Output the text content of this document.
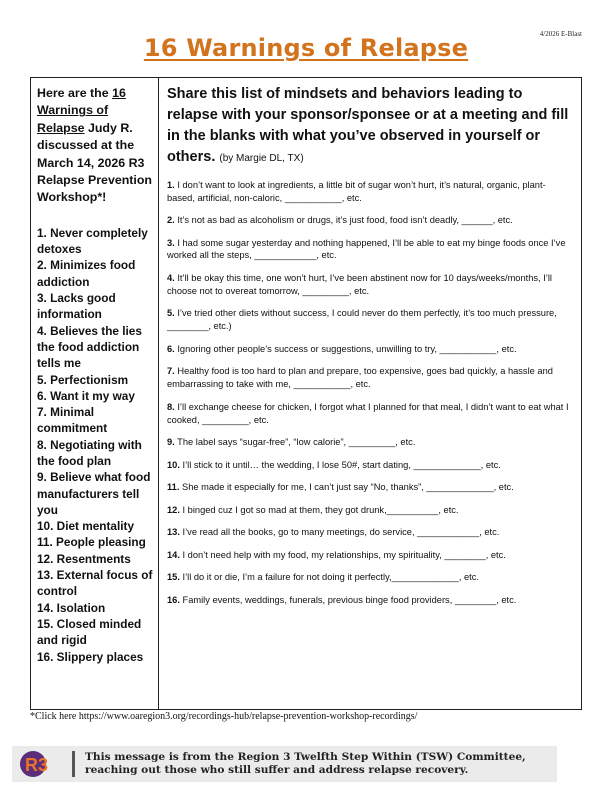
4/2026 E-Blast
16 Warnings of Relapse
Here are the 16 Warnings of Relapse Judy R. discussed at the March 14, 2026 R3 Relapse Prevention Workshop*!
1. Never completely detoxes
2. Minimizes food addiction
3. Lacks good information
4. Believes the lies the food addiction tells me
5. Perfectionism
6. Want it my way
7. Minimal commitment
8. Negotiating with the food plan
9. Believe what food manufacturers tell you
10. Diet mentality
11. People pleasing
12. Resentments
13. External focus of control
14. Isolation
15. Closed minded and rigid
16. Slippery places
Share this list of mindsets and behaviors leading to relapse with your sponsor/sponsee or at a meeting and fill in the blanks with what you’ve observed in yourself or others. (by Margie DL, TX)
1. I don’t want to look at ingredients, a little bit of sugar won’t hurt, it’s natural, organic, plant-based, artificial, non-caloric, ___________, etc.
2. It’s not as bad as alcoholism or drugs, it’s just food, food isn’t deadly, ______, etc.
3. I had some sugar yesterday and nothing happened, I’ll be able to eat my binge foods once I’ve worked all the steps, ____________, etc.
4. It’ll be okay this time, one won’t hurt, I’ve been abstinent now for 10 days/weeks/months, I’ll choose not to overeat tomorrow, _________, etc.
5. I’ve tried other diets without success, I could never do them perfectly, it’s too much pressure, ________, etc.)
6. Ignoring other people’s success or suggestions, unwilling to try, ___________, etc.
7. Healthy food is too hard to plan and prepare, too expensive, goes bad quickly, a hassle and embarrassing to take with me, ___________, etc.
8. I’ll exchange cheese for chicken, I forgot what I planned for that meal, I didn’t want to eat what I cooked, _________, etc.
9. The label says “sugar-free”, “low calorie”, _________, etc.
10. I’ll stick to it until… the wedding, I lose 50#, start dating, _____________, etc.
11. She made it especially for me, I can’t just say “No, thanks”, _____________, etc.
12. I binged cuz I got so mad at them, they got drunk,__________, etc.
13. I’ve read all the books, go to many meetings, do service, ____________, etc.
14. I don’t need help with my food, my relationships, my spirituality, ________, etc.
15. I’ll do it or die, I’m a failure for not doing it perfectly,_____________, etc.
16. Family events, weddings, funerals, previous binge food providers, ________, etc.
*Click here https://www.oaregion3.org/recordings-hub/relapse-prevention-workshop-recordings/
R3	This message is from the Region 3 Twelfth Step Within (TSW) Committee,
reaching out those who still suffer and address relapse recovery.
